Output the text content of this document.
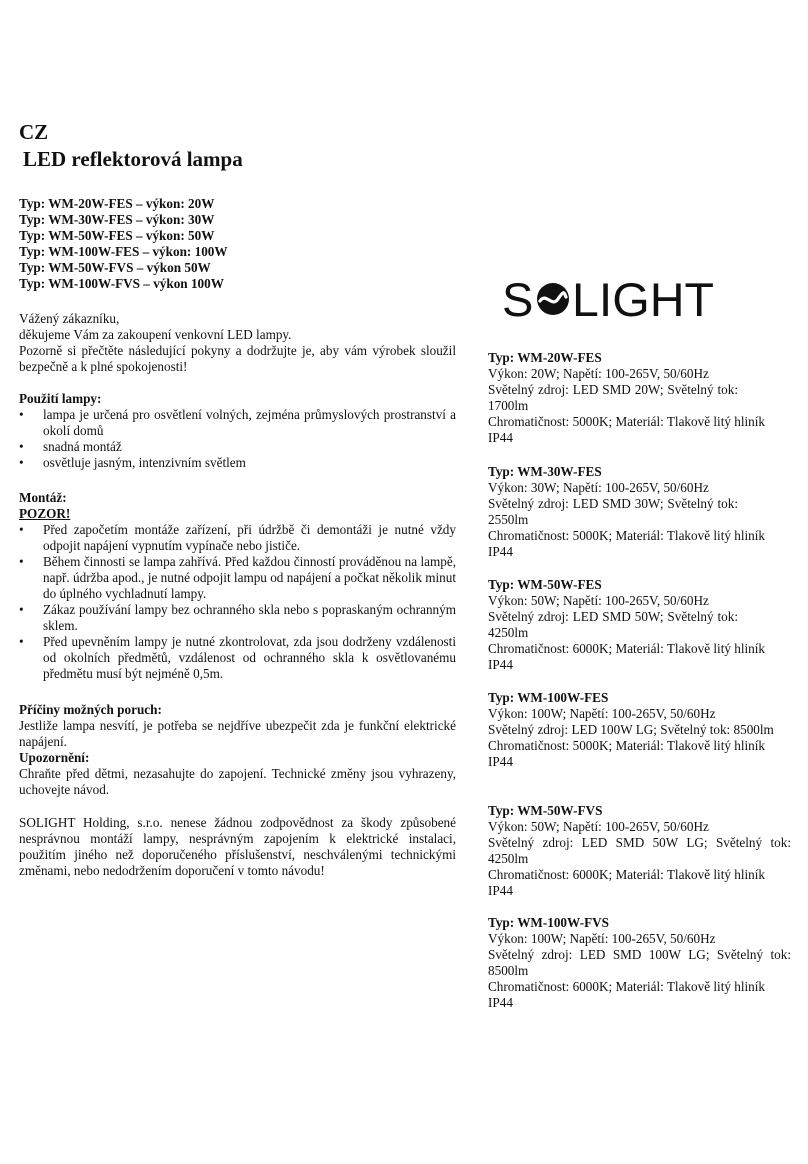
CZ
LED reflektorová lampa
Typ: WM-20W-FES – výkon: 20W
Typ: WM-30W-FES – výkon: 30W
Typ: WM-50W-FES – výkon: 50W
Typ: WM-100W-FES – výkon: 100W
Typ: WM-50W-FVS – výkon 50W
Typ: WM-100W-FVS – výkon 100W
Vážený zákazníku,
děkujeme Vám za zakoupení venkovní LED lampy.
Pozorně si přečtěte následující pokyny a dodržujte je, aby vám výrobek sloužil bezpečně a k plné spokojenosti!
Použití lampy:
•	lampa je určená pro osvětlení volných, zejména průmyslových prostranství a okolí domů
•	snadná montáž
•	osvětluje jasným, intenzivním světlem
Montáž:
POZOR!
•	Před započetím montáže zařízení, při údržbě či demontáži je nutné vždy odpojit napájení vypnutím vypínače nebo jističe.
•	Během činnosti se lampa zahřívá. Před každou činností prováděnou na lampě, např. údržba apod., je nutné odpojit lampu od napájení a počkat několik minut do úplného vychladnutí lampy.
•	Zákaz používání lampy bez ochranného skla nebo s popraskaným ochranným sklem.
•	Před upevněním lampy je nutné zkontrolovat, zda jsou dodrženy vzdálenosti od okolních předmětů, vzdálenost od ochranného skla k osvětlovanému předmětu musí být nejméně 0,5m.
Příčiny možných poruch:
Jestliže lampa nesvítí, je potřeba se nejdříve ubezpečit zda je funkční elektrické napájení.
Upozornění:
Chraňte před dětmi, nezasahujte do zapojení. Technické změny jsou vyhrazeny, uchovejte návod.
SOLIGHT Holding, s.r.o. nenese žádnou zodpovědnost za škody způsobené nesprávnou montáží lampy, nesprávným zapojením k elektrické instalaci, použitím jiného než doporučeného příslušenství, neschválenými technickými změnami, nebo nedodržením doporučení v tomto návodu!
S LIGHT
Typ: WM-20W-FES
Výkon: 20W; Napětí: 100-265V, 50/60Hz
Světelný zdroj: LED SMD 20W; Světelný tok: 1700lm
Chromatičnost: 5000K; Materiál: Tlakově litý hliník IP44
Typ: WM-30W-FES
Výkon: 30W; Napětí: 100-265V, 50/60Hz
Světelný zdroj: LED SMD 30W; Světelný tok: 2550lm
Chromatičnost: 5000K; Materiál: Tlakově litý hliník IP44
Typ: WM-50W-FES
Výkon: 50W; Napětí: 100-265V, 50/60Hz
Světelný zdroj: LED SMD 50W; Světelný tok: 4250lm
Chromatičnost: 6000K; Materiál: Tlakově litý hliník IP44
Typ: WM-100W-FES
Výkon: 100W; Napětí: 100-265V, 50/60Hz
Světelný zdroj: LED 100W LG; Světelný tok: 8500lm
Chromatičnost: 5000K; Materiál: Tlakově litý hliník IP44
Typ: WM-50W-FVS
Výkon: 50W; Napětí: 100-265V, 50/60Hz
Světelný zdroj: LED SMD 50W LG; Světelný tok: 4250lm
Chromatičnost: 6000K; Materiál: Tlakově litý hliník IP44
Typ: WM-100W-FVS
Výkon: 100W; Napětí: 100-265V, 50/60Hz
Světelný zdroj: LED SMD 100W LG; Světelný tok: 8500lm
Chromatičnost: 6000K; Materiál: Tlakově litý hliník IP44
